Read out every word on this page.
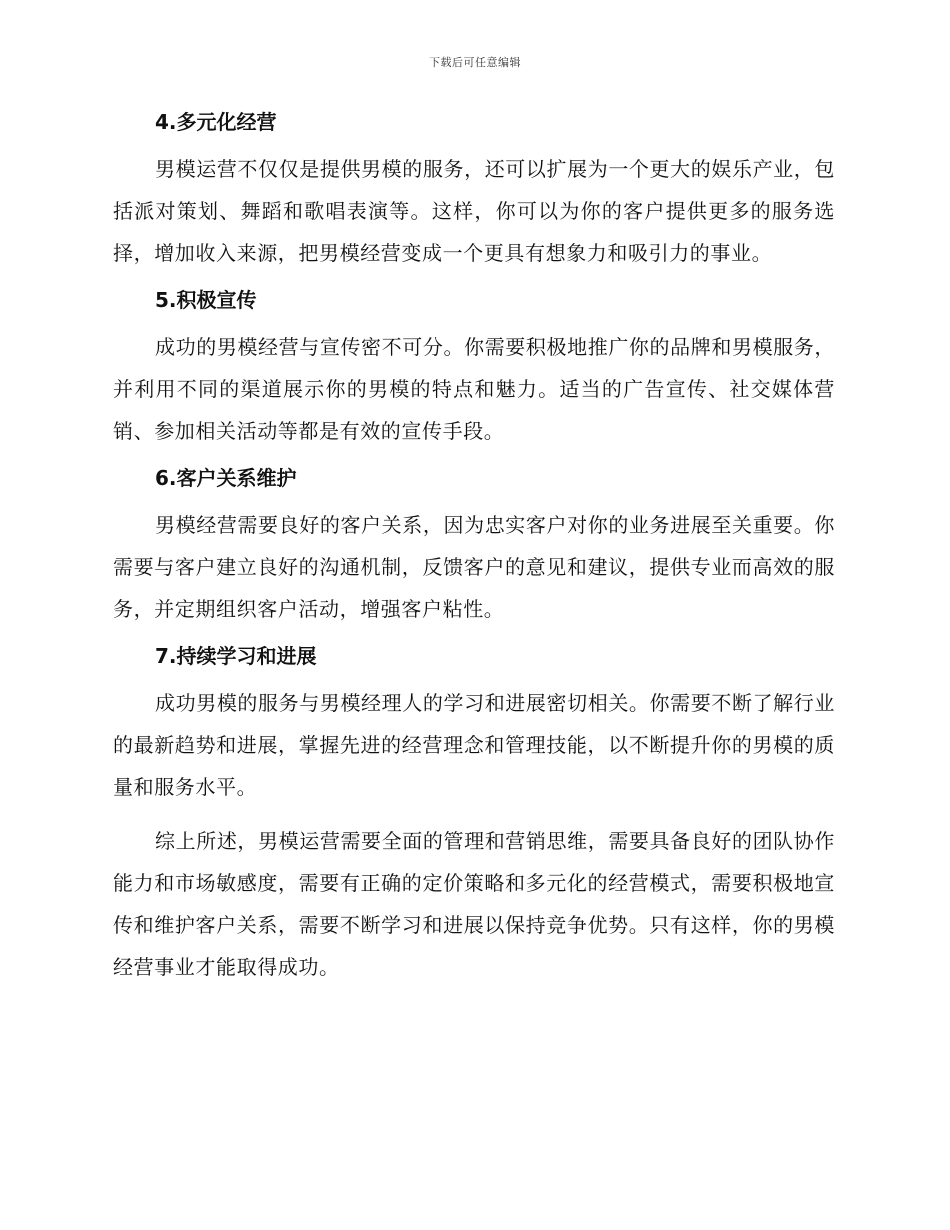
下载后可任意编辑
4.多元化经营

男模运营不仅仅是提供男模的服务，还可以扩展为一个更大的娱乐产业，包括派对策划、舞蹈和歌唱表演等。这样，你可以为你的客户提供更多的服务选择，增加收入来源，把男模经营变成一个更具有想象力和吸引力的事业。

5.积极宣传

成功的男模经营与宣传密不可分。你需要积极地推广你的品牌和男模服务，并利用不同的渠道展示你的男模的特点和魅力。适当的广告宣传、社交媒体营销、参加相关活动等都是有效的宣传手段。

6.客户关系维护

男模经营需要良好的客户关系，因为忠实客户对你的业务进展至关重要。你需要与客户建立良好的沟通机制，反馈客户的意见和建议，提供专业而高效的服务，并定期组织客户活动，增强客户粘性。

7.持续学习和进展

成功男模的服务与男模经理人的学习和进展密切相关。你需要不断了解行业的最新趋势和进展，掌握先进的经营理念和管理技能，以不断提升你的男模的质量和服务水平。

综上所述，男模运营需要全面的管理和营销思维，需要具备良好的团队协作能力和市场敏感度，需要有正确的定价策略和多元化的经营模式，需要积极地宣传和维护客户关系，需要不断学习和进展以保持竞争优势。只有这样，你的男模经营事业才能取得成功。
